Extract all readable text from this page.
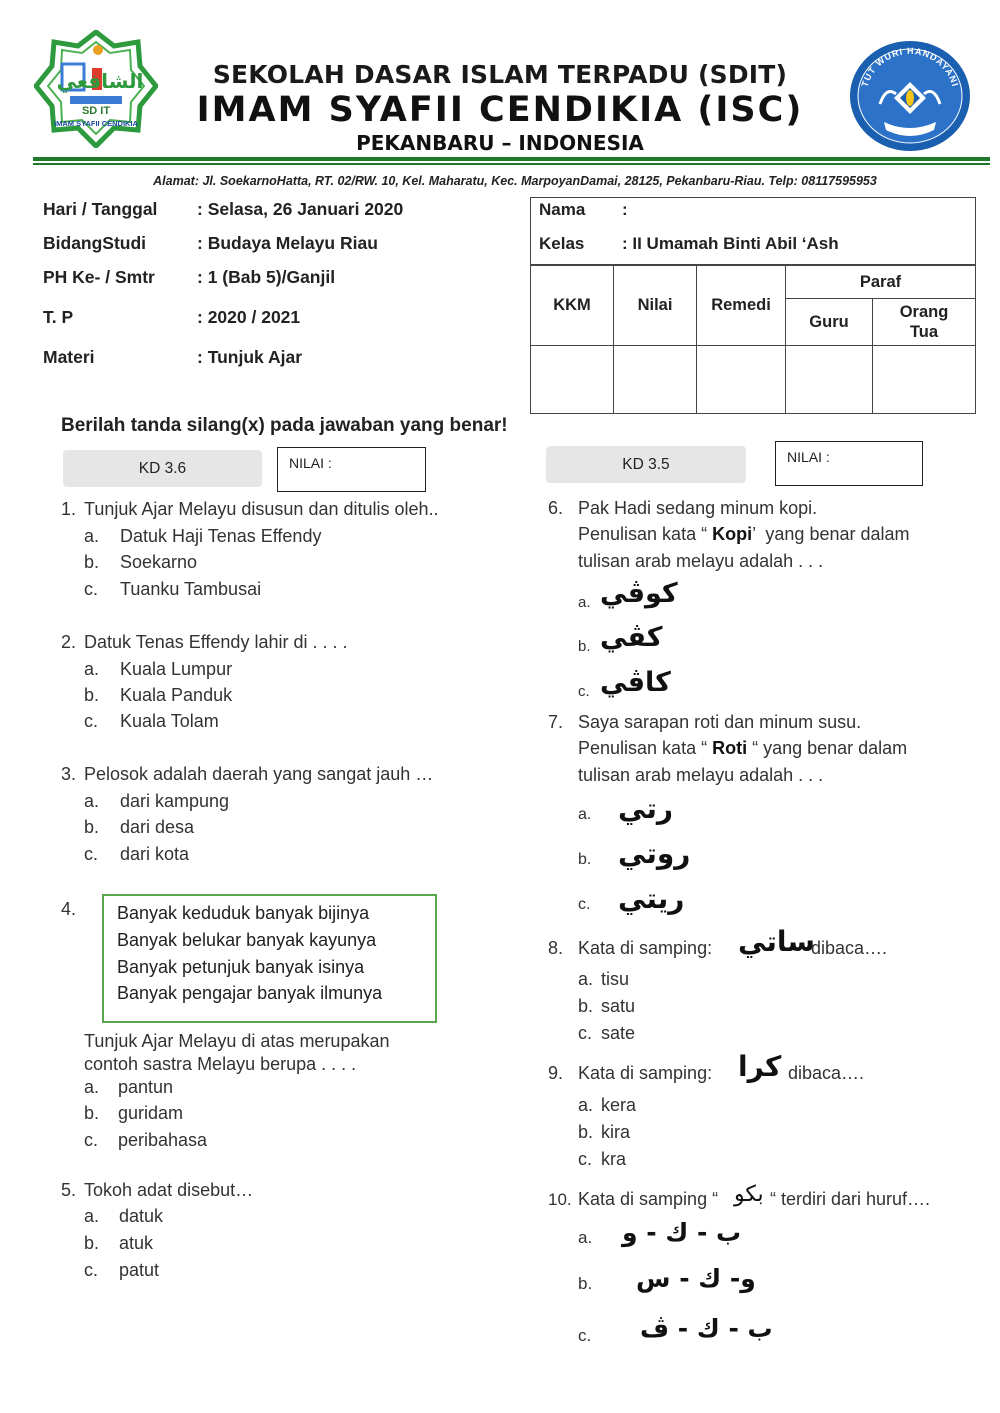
الشافعي
SD IT
IMAM SYAFII CENDIKIA
SEKOLAH DASAR ISLAM TERPADU (SDIT)
IMAM SYAFII CENDIKIA (ISC)
PEKANBARU – INDONESIA
TUT WURI HANDAYANI
Alamat: Jl. SoekarnoHatta, RT. 02/RW. 10, Kel. Maharatu, Kec. MarpoyanDamai, 28125, Pekanbaru-Riau. Telp: 08117595953
Hari / Tanggal : Selasa, 26 Januari 2020
BidangStudi	: Budaya Melayu Riau
PH Ke- / Smtr : 1 (Bab 5)/Ganjil
T. P	: 2020 / 2021
Materi	: Tunjuk Ajar
Nama :
Kelas : II Umamah Binti Abil ‘Ash
KKM	Nilai	Remedi	Paraf	
			Guru	Orang Tua

Berilah tanda silang(x) pada jawaban yang benar!
KD 3.6	NILAI :	KD 3.5	NILAI :
1. Tunjuk Ajar Melayu disusun dan ditulis oleh..
a. Datuk Haji Tenas Effendy
b. Soekarno
c. Tuanku Tambusai
2. Datuk Tenas Effendy lahir di . . . .
a. Kuala Lumpur
b. Kuala Panduk
c. Kuala Tolam
3. Pelosok adalah daerah yang sangat jauh …
a. dari kampung
b. dari desa
c. dari kota
4. Banyak keduduk banyak bijinya
Banyak belukar banyak kayunya
Banyak petunjuk banyak isinya
Banyak pengajar banyak ilmunya
Tunjuk Ajar Melayu di atas merupakan
contoh sastra Melayu berupa . . . .
a. pantun
b. guridam
c. peribahasa
5. Tokoh adat disebut…
a. datuk
b. atuk
c. patut
6. Pak Hadi sedang minum kopi.
Penulisan kata “ Kopi’  yang benar dalam
tulisan arab melayu adalah . . .
a. كوڤي
b. كڤي
c. كاڤي
7. Saya sarapan roti dan minum susu.
Penulisan kata “ Roti “ yang benar dalam
tulisan arab melayu adalah . . .
a. رتي
b. روتي
c. ريتي
8. Kata di samping: ساتي
dibaca….
a. tisu
b. satu
c. sate
9. Kata di samping: كرا dibaca….
a. kera
b. kira
c. kra
10. Kata di samping “ بكو “ terdiri dari huruf….
a. ب - ك - و
b. و- ك - س
c. ب - ك - ڤ
